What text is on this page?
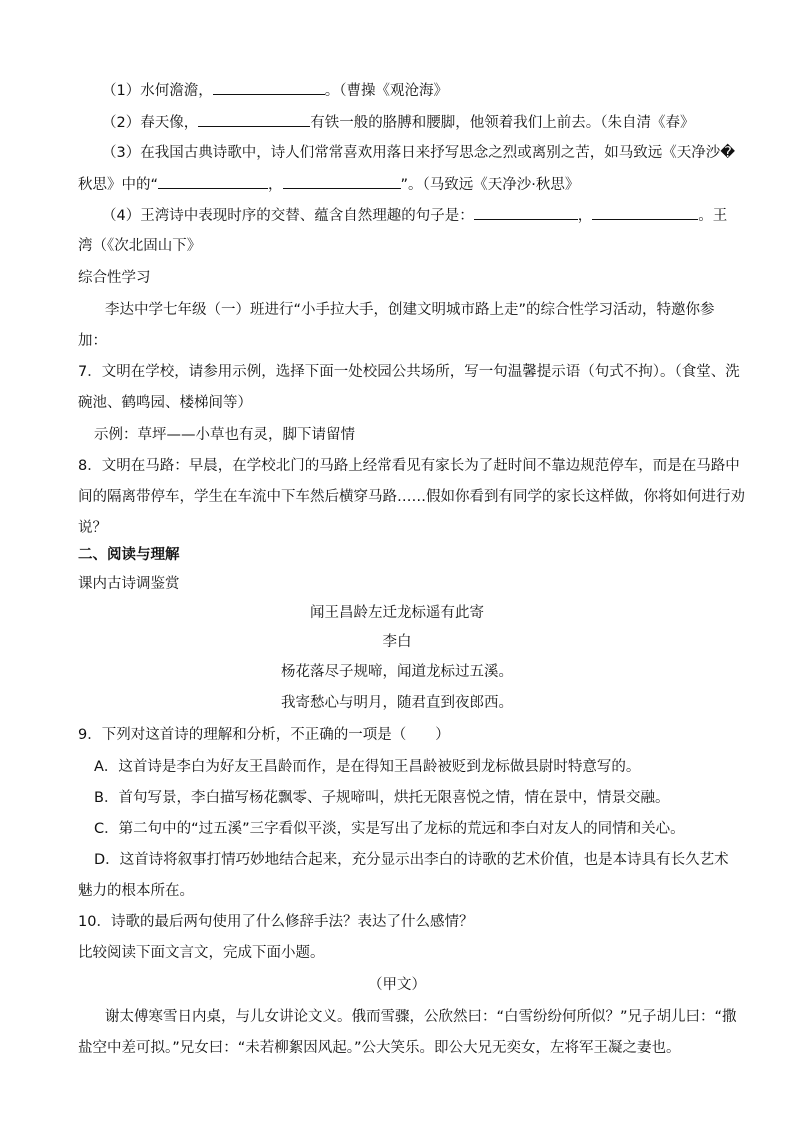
（1）水何澹澹，	。（曹操《观沧海》
（2）春天像，	有铁一般的胳膊和腰脚，他领着我们上前去。（朱自清《春》
（3）在我国古典诗歌中，诗人们常常喜欢用落日来抒写思念之烈或离别之苦，如马致远《天净沙�
秋思》中的“	，	”。（马致远《天净沙·秋思》
（4）王湾诗中表现时序的交替、蕴含自然理趣的句子是：	，	。王
湾（《次北固山下》
综合性学习
李达中学七年级（一）班进行“小手拉大手，创建文明城市路上走”的综合性学习活动，特邀你参
加：
7．文明在学校，请参用示例，选择下面一处校园公共场所，写一句温馨提示语（句式不拘）。（食堂、洗
碗池、鹤鸣园、楼梯间等）
示例：草坪——小草也有灵，脚下请留情
8．文明在马路：早晨，在学校北门的马路上经常看见有家长为了赶时间不靠边规范停车，而是在马路中
间的隔离带停车，学生在车流中下车然后横穿马路……假如你看到有同学的家长这样做，你将如何进行劝
说？
二、阅读与理解
课内古诗调鉴赏
闻王昌龄左迁龙标遥有此寄
李白
杨花落尽子规啼，闻道龙标过五溪。
我寄愁心与明月，随君直到夜郎西。
9．下列对这首诗的理解和分析，不正确的一项是（　　）
A．这首诗是李白为好友王昌龄而作，是在得知王昌龄被贬到龙标做县尉时特意写的。
B．首句写景，李白描写杨花飘零、子规啼叫，烘托无限喜悦之情，情在景中，情景交融。
C．第二句中的“过五溪”三字看似平淡，实是写出了龙标的荒远和李白对友人的同情和关心。
D．这首诗将叙事打情巧妙地结合起来，充分显示出李白的诗歌的艺术价值，也是本诗具有长久艺术
魅力的根本所在。
10．诗歌的最后两句使用了什么修辞手法？表达了什么感情？
比较阅读下面文言文，完成下面小题。
（甲文）
谢太傅寒雪日内桌，与儿女讲论文义。俄而雪骤，公欣然曰：“白雪纷纷何所似？”兄子胡儿曰：“撒
盐空中差可拟。”兄女曰：“未若柳絮因风起。”公大笑乐。即公大兄无奕女，左将军王凝之妻也。
